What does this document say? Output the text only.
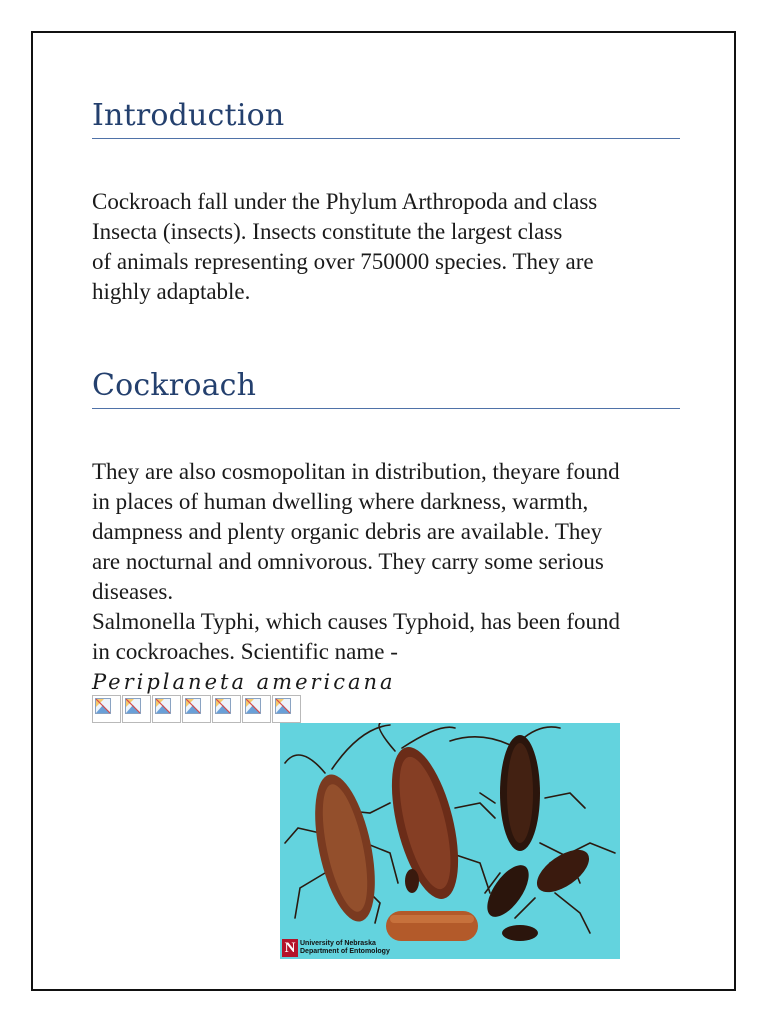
Introduction

Cockroach fall under the Phylum Arthropoda and class
Insecta (insects). Insects constitute the largest class
of animals representing over 750000 species. They are
highly adaptable.

Cockroach

They are also cosmopolitan in distribution, theyare found
in places of human dwelling where darkness, warmth,
dampness and plenty organic debris are available. They
are nocturnal and omnivorous. They carry some serious
diseases.
Salmonella Typhi, which causes Typhoid, has been found
in cockroaches. Scientific name -
Periplaneta americana

N University of Nebraska
Department of Entomology
